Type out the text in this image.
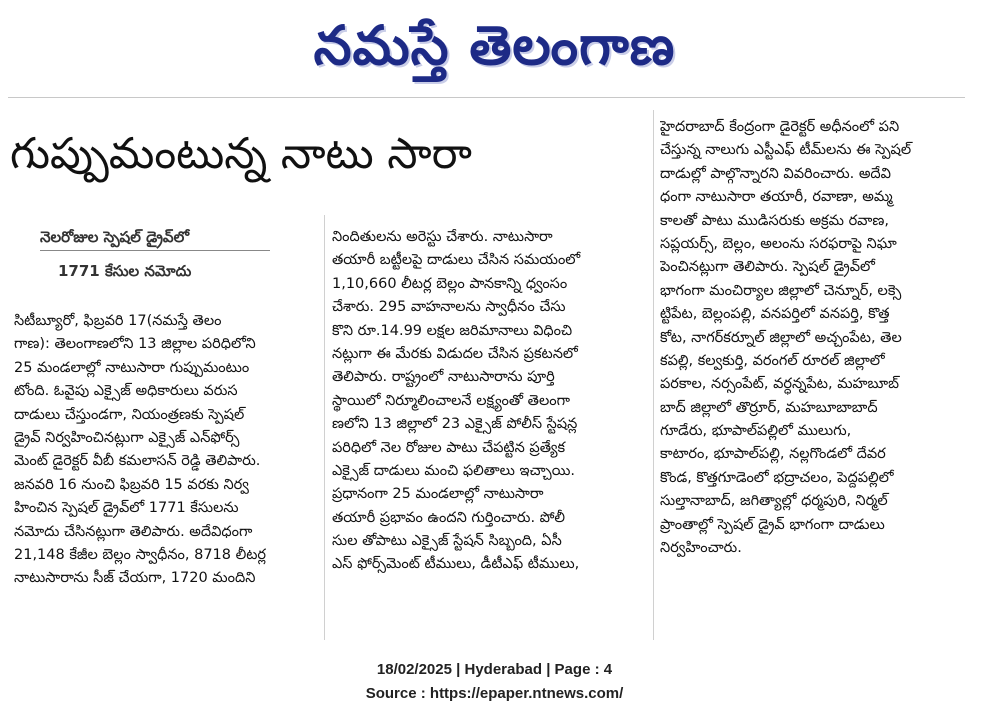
నమస్తే తెలంగాణ
గుప్పుమంటున్న నాటు సారా
నెలరోజుల స్పెషల్ డ్రైవ్‌లో
1771 కేసుల నమోదు
సిటీబ్యూరో, ఫిబ్రవరి 17(నమస్తే తెలం
గాణ): తెలంగాణలోని 13 జిల్లాల పరిధిలోని
25 మండలాల్లో నాటుసారా గుప్పుమంటుం
టోంది. ఓవైపు ఎక్సైజ్ అధికారులు వరుస
దాడులు చేస్తుండగా, నియంత్రణకు స్పెషల్
డ్రైవ్ నిర్వహించినట్లుగా ఎక్సైజ్ ఎన్‌ఫోర్స్
మెంట్ డైరెక్టర్ వీబీ కమలాసన్ రెడ్డి తెలిపారు.
జనవరి 16 నుంచి ఫిబ్రవరి 15 వరకు నిర్వ
హించిన స్పెషల్ డ్రైవ్‌లో 1771 కేసులను
నమోదు చేసినట్లుగా తెలిపారు. అదేవిధంగా
21,148 కేజీల బెల్లం స్వాధీనం, 8718 లీటర్ల
నాటుసారాను సీజ్ చేయగా, 1720 మందిని
నిందితులను అరెస్టు చేశారు. నాటుసారా
తయారీ బట్టీలపై దాడులు చేసిన సమయంలో
1,10,660 లీటర్ల బెల్లం పానకాన్ని ధ్వంసం
చేశారు. 295 వాహనాలను స్వాధీనం చేసు
కొని రూ.14.99 లక్షల జరిమానాలు విధించి
నట్లుగా ఈ మేరకు విడుదల చేసిన ప్రకటనలో
తెలిపారు. రాష్ట్రంలో నాటుసారాను పూర్తి
స్థాయిలో నిర్మూలించాలనే లక్ష్యంతో తెలంగా
ణలోని 13 జిల్లాలో 23 ఎక్సైజ్ పోలీస్ స్టేషన్ల
పరిధిలో నెల రోజుల పాటు చేపట్టిన ప్రత్యేక
ఎక్సైజ్ దాడులు మంచి ఫలితాలు ఇచ్చాయి.
ప్రధానంగా 25 మండలాల్లో నాటుసారా
తయారీ ప్రభావం ఉందని గుర్తించారు. పోలీ
సుల తోపాటు ఎక్సైజ్ స్టేషన్ సిబ్బంది, ఏసీ
ఎస్ ఫోర్స్‌మెంట్ టీములు, డీటీఎఫ్ టీములు,
హైదరాబాద్ కేంద్రంగా డైరెక్టర్ అధీనంలో పని
చేస్తున్న నాలుగు ఎస్టీఎఫ్ టీమ్‌లను ఈ స్పెషల్
దాడుల్లో పాల్గొన్నారని వివరించారు. అదేవి
ధంగా నాటుసారా తయారీ, రవాణా, అమ్మ
కాలతో పాటు ముడిసరుకు అక్రమ రవాణ,
సప్లయర్స్, బెల్లం, అలంను సరఫరాపై నిఘా
పెంచినట్లుగా తెలిపారు. స్పెషల్ డ్రైవ్‌లో
భాగంగా మంచిర్యాల జిల్లాలో చెన్నూర్, లక్సె
ట్టిపేట, బెల్లంపల్లి, వనపర్తిలో వనపర్తి, కొత్త
కోట, నాగర్‌కర్నూల్ జిల్లాలో అచ్చంపేట, తెల
కపల్లి, కల్వకుర్తి, వరంగల్ రూరల్ జిల్లాలో
పరకాల, నర్సంపేట్, వర్ధన్నపేట, మహబూబ్
బాద్ జిల్లాలో తొర్రూర్, మహబూబాబాద్
గూడేరు, భూపాల్‌పల్లిలో ములుగు,
కాటారం, భూపాల్‌పల్లి, నల్లగొండలో దేవర
కొండ, కొత్తగూడెంలో భద్రాచలం, పెద్దపల్లిలో
సుల్తానాబాద్, జగిత్యాల్లో ధర్మపురి, నిర్మల్
ప్రాంతాల్లో స్పెషల్ డ్రైవ్ భాగంగా దాడులు
నిర్వహించారు.
18/02/2025 | Hyderabad | Page : 4
Source : https://epaper.ntnews.com/
